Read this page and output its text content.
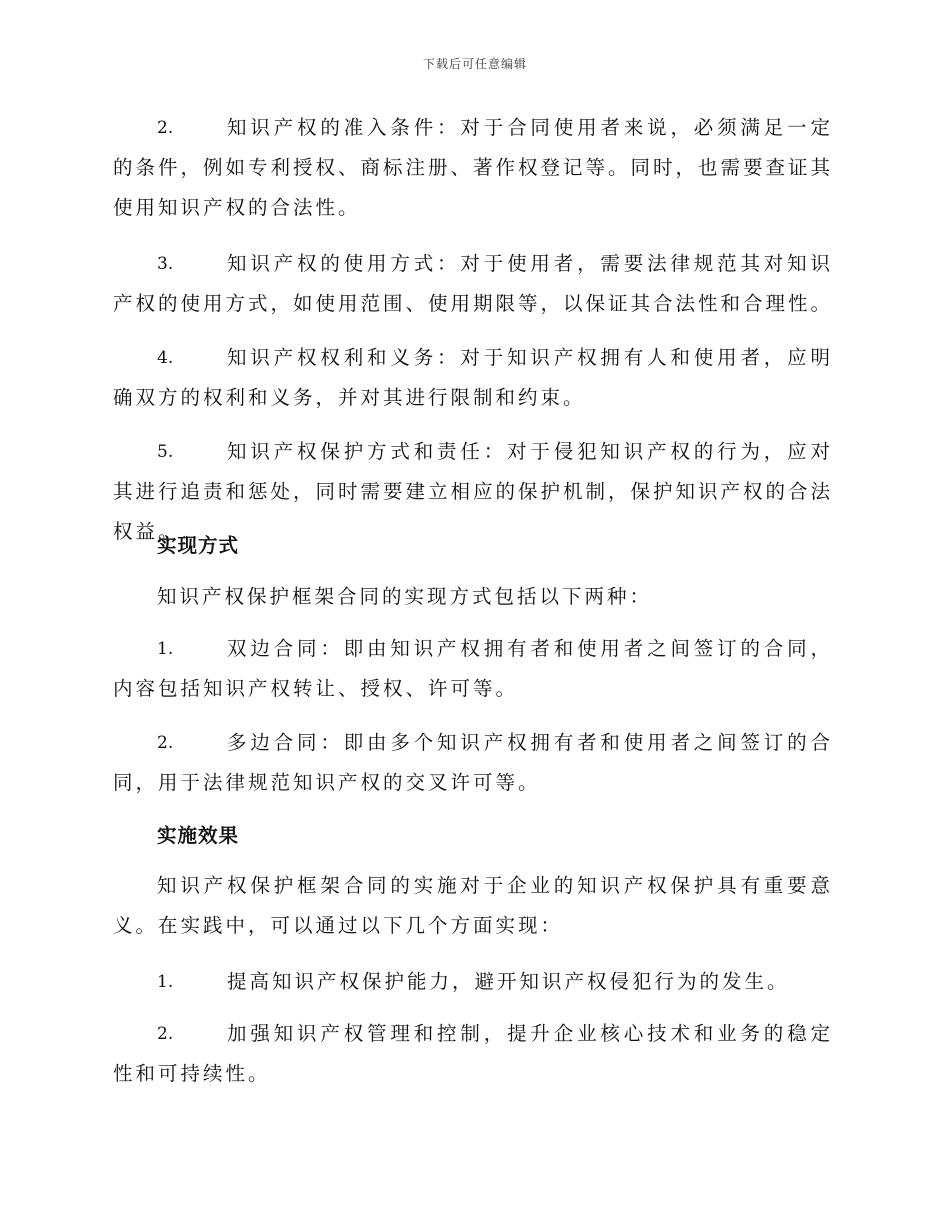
下载后可任意编辑
2.	知识产权的准入条件：对于合同使用者来说，必须满足一定的条件，例如专利授权、商标注册、著作权登记等。同时，也需要查证其使用知识产权的合法性。
3.	知识产权的使用方式：对于使用者，需要法律规范其对知识产权的使用方式，如使用范围、使用期限等，以保证其合法性和合理性。
4.	知识产权权利和义务：对于知识产权拥有人和使用者，应明确双方的权利和义务，并对其进行限制和约束。
5.	知识产权保护方式和责任：对于侵犯知识产权的行为，应对其进行追责和惩处，同时需要建立相应的保护机制，保护知识产权的合法权益。
实现方式
知识产权保护框架合同的实现方式包括以下两种：
1.	双边合同：即由知识产权拥有者和使用者之间签订的合同，内容包括知识产权转让、授权、许可等。
2.	多边合同：即由多个知识产权拥有者和使用者之间签订的合同，用于法律规范知识产权的交叉许可等。
实施效果
知识产权保护框架合同的实施对于企业的知识产权保护具有重要意义。在实践中，可以通过以下几个方面实现：
1.	提高知识产权保护能力，避开知识产权侵犯行为的发生。
2.	加强知识产权管理和控制，提升企业核心技术和业务的稳定性和可持续性。
